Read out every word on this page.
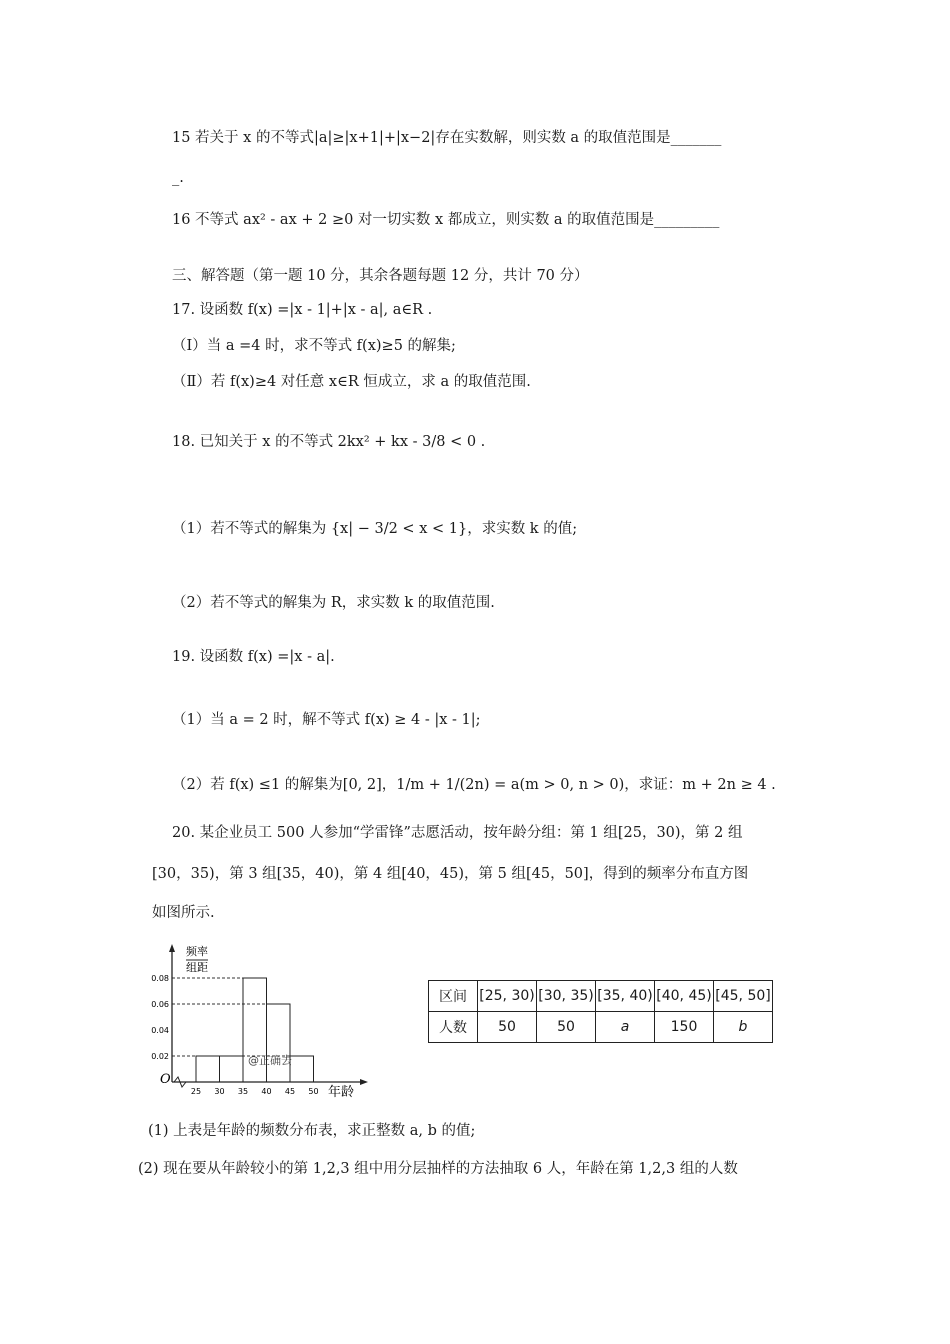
15 若关于 x 的不等式|a|≥|x+1|+|x−2|存在实数解，则实数 a 的取值范围是_______
_.
16 不等式 ax² - ax + 2 ≥0 对一切实数 x 都成立，则实数 a 的取值范围是_________
三、解答题（第一题 10 分，其余各题每题 12 分，共计 70 分）
17. 设函数 f(x) =|x - 1|+|x - a|, a∈R .
（Ⅰ）当 a =4 时，求不等式 f(x)≥5 的解集;
（Ⅱ）若 f(x)≥4 对任意 x∈R 恒成立，求 a 的取值范围.
18. 已知关于 x 的不等式 2kx² + kx - 3/8 < 0 .
（1）若不等式的解集为 {x| − 3/2 < x < 1}，求实数 k 的值;
（2）若不等式的解集为 R，求实数 k 的取值范围.
19. 设函数 f(x) =|x - a|.
（1）当 a = 2 时，解不等式 f(x) ≥ 4 - |x - 1|;
（2）若 f(x) ≤1 的解集为[0, 2]，1/m + 1/(2n) = a(m > 0, n > 0)，求证：m + 2n ≥ 4 .
20. 某企业员工 500 人参加“学雷锋”志愿活动，按年龄分组：第 1 组[25，30)，第 2 组
[30，35)，第 3 组[35，40)，第 4 组[40，45)，第 5 组[45，50]，得到的频率分布直方图
如图所示.
频率
组距
O
年龄
@正确去
0.08
0.06
0.04
0.02
25 30 35 40 45 50
区间	[25, 30)	[30, 35)	[35, 40)	[40, 45)	[45, 50]
人数	50	50	a	150	b
(1) 上表是年龄的频数分布表，求正整数 a, b 的值;
(2) 现在要从年龄较小的第 1,2,3 组中用分层抽样的方法抽取 6 人，年龄在第 1,2,3 组的人数
